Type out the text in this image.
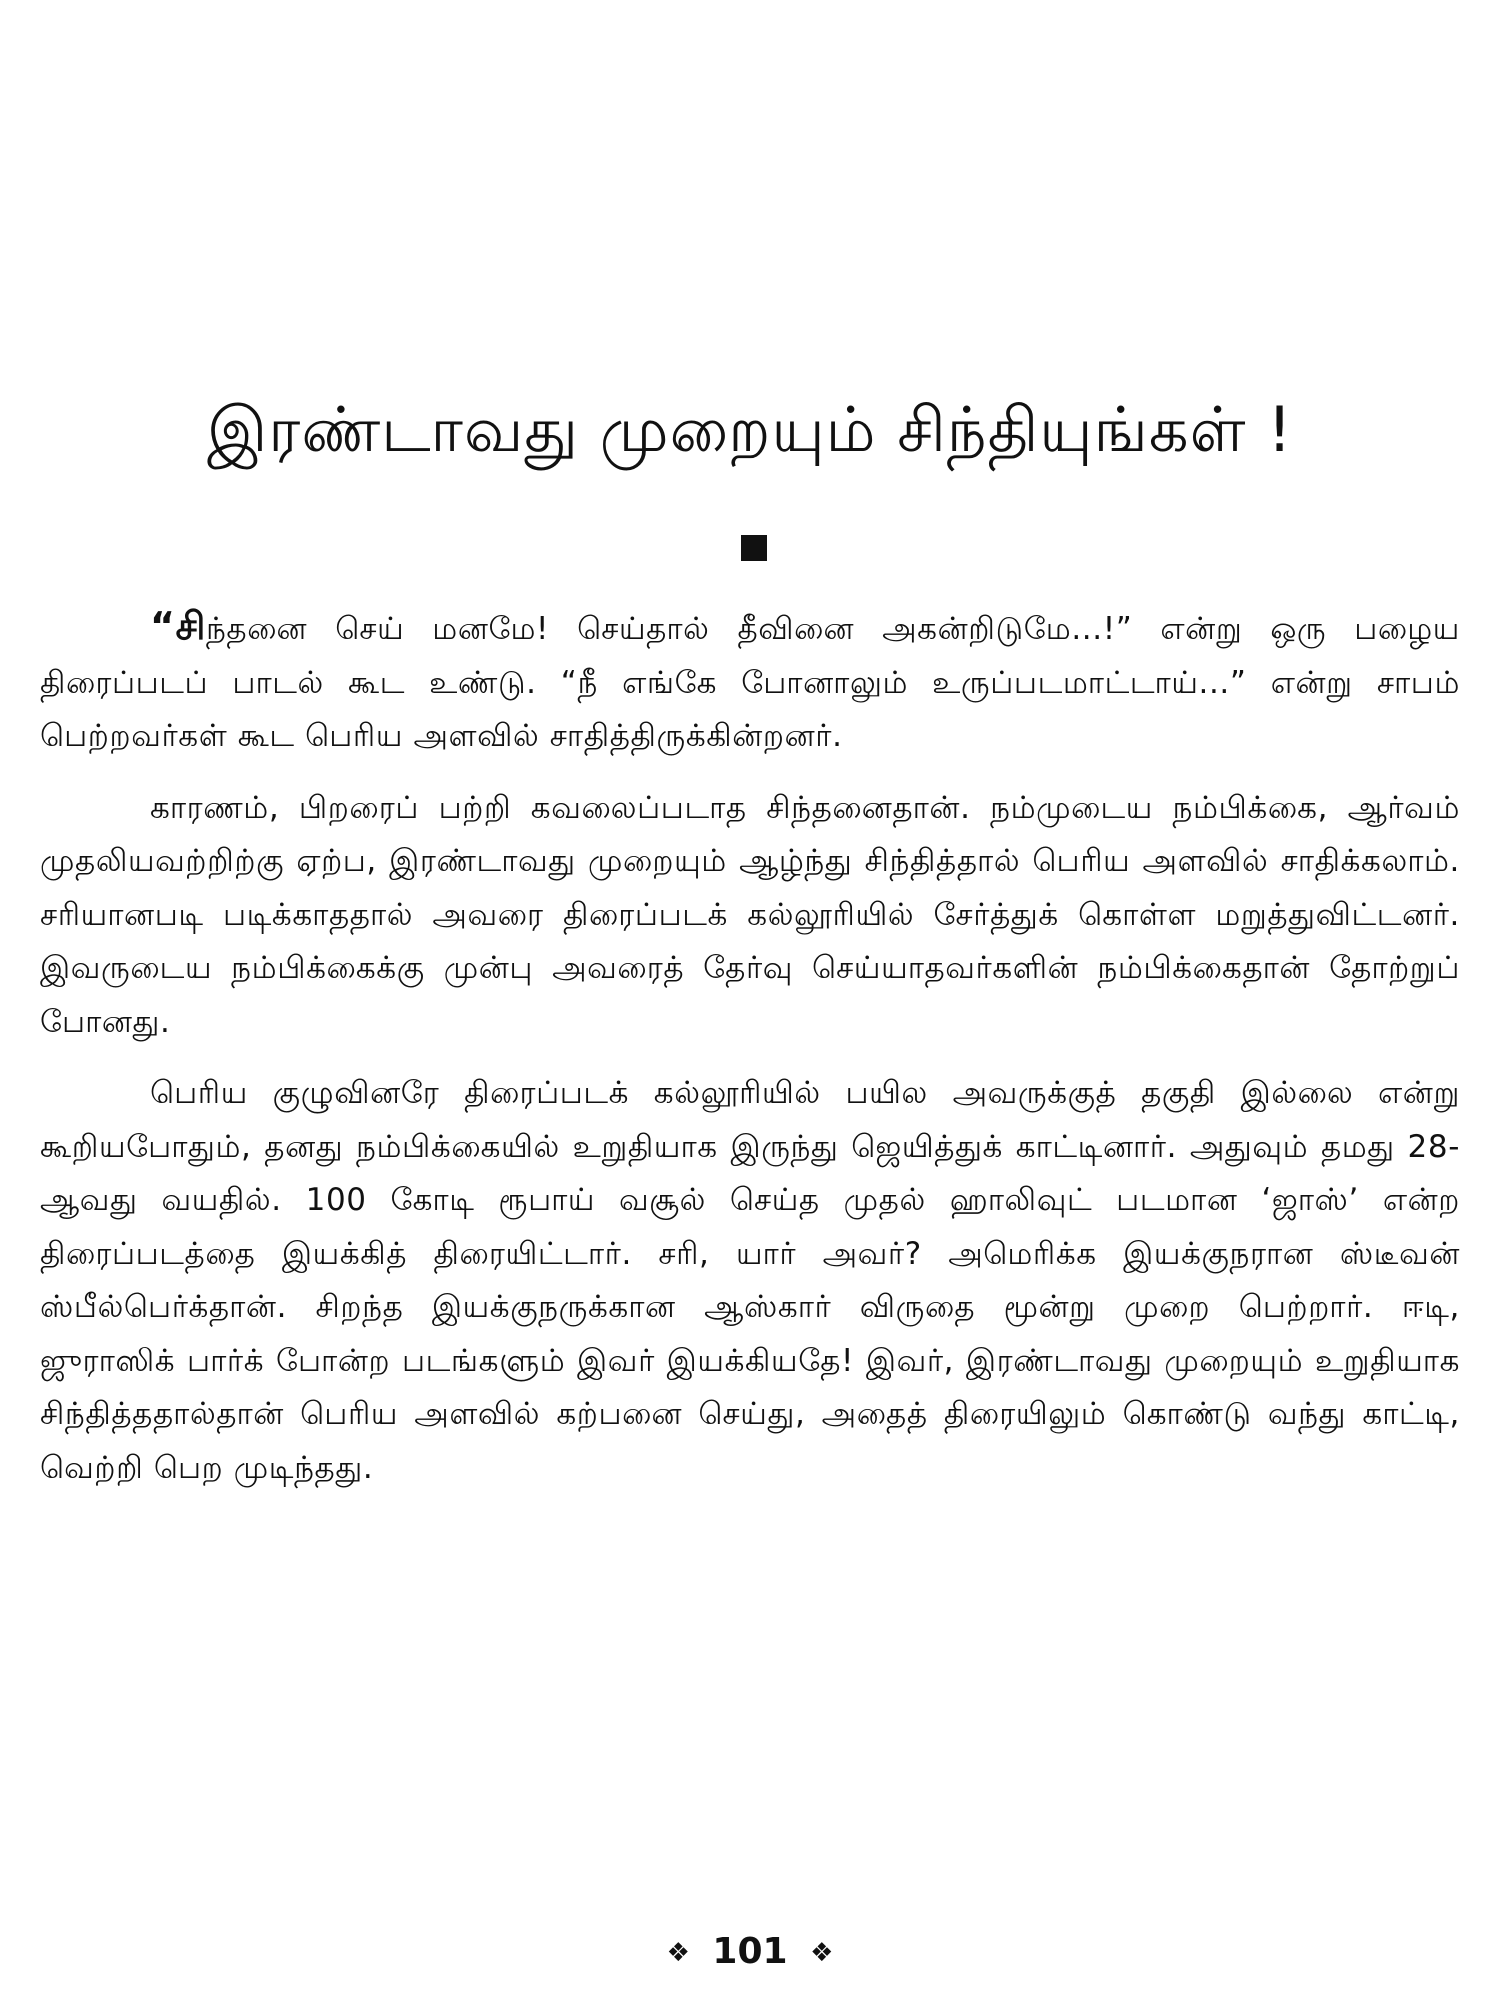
இரண்டாவது முறையும் சிந்தியுங்கள் !

“சிந்தனை செய் மனமே! செய்தால் தீவினை அகன்றிடுமே...!” என்று ஒரு பழைய திரைப்படப் பாடல் கூட உண்டு. “நீ எங்கே போனாலும் உருப்படமாட்டாய்...” என்று சாபம் பெற்றவர்கள் கூட பெரிய அளவில் சாதித்திருக்கின்றனர்.

காரணம், பிறரைப் பற்றி கவலைப்படாத சிந்தனைதான். நம்முடைய நம்பிக்கை, ஆர்வம் முதலியவற்றிற்கு ஏற்ப, இரண்டாவது முறையும் ஆழ்ந்து சிந்தித்தால் பெரிய அளவில் சாதிக்கலாம். சரியானபடி படிக்காததால் அவரை திரைப்படக் கல்லூரியில் சேர்த்துக் கொள்ள மறுத்துவிட்டனர். இவருடைய நம்பிக்கைக்கு முன்பு அவரைத் தேர்வு செய்யாதவர்களின் நம்பிக்கைதான் தோற்றுப் போனது.

பெரிய குழுவினரே திரைப்படக் கல்லூரியில் பயில அவருக்குத் தகுதி இல்லை என்று கூறியபோதும், தனது நம்பிக்கையில் உறுதியாக இருந்து ஜெயித்துக் காட்டினார். அதுவும் தமது 28-ஆவது வயதில். 100 கோடி ரூபாய் வசூல் செய்த முதல் ஹாலிவுட் படமான ‘ஜாஸ்’ என்ற திரைப்படத்தை இயக்கித் திரையிட்டார். சரி, யார் அவர்? அமெரிக்க இயக்குநரான ஸ்டீவன் ஸ்பீல்பெர்க்தான். சிறந்த இயக்குநருக்கான ஆஸ்கார் விருதை மூன்று முறை பெற்றார். ஈடி, ஜுராஸிக் பார்க் போன்ற படங்களும் இவர் இயக்கியதே! இவர், இரண்டாவது முறையும் உறுதியாக சிந்தித்ததால்தான் பெரிய அளவில் கற்பனை செய்து, அதைத் திரையிலும் கொண்டு வந்து காட்டி, வெற்றி பெற முடிந்தது.

❖ 101 ❖
